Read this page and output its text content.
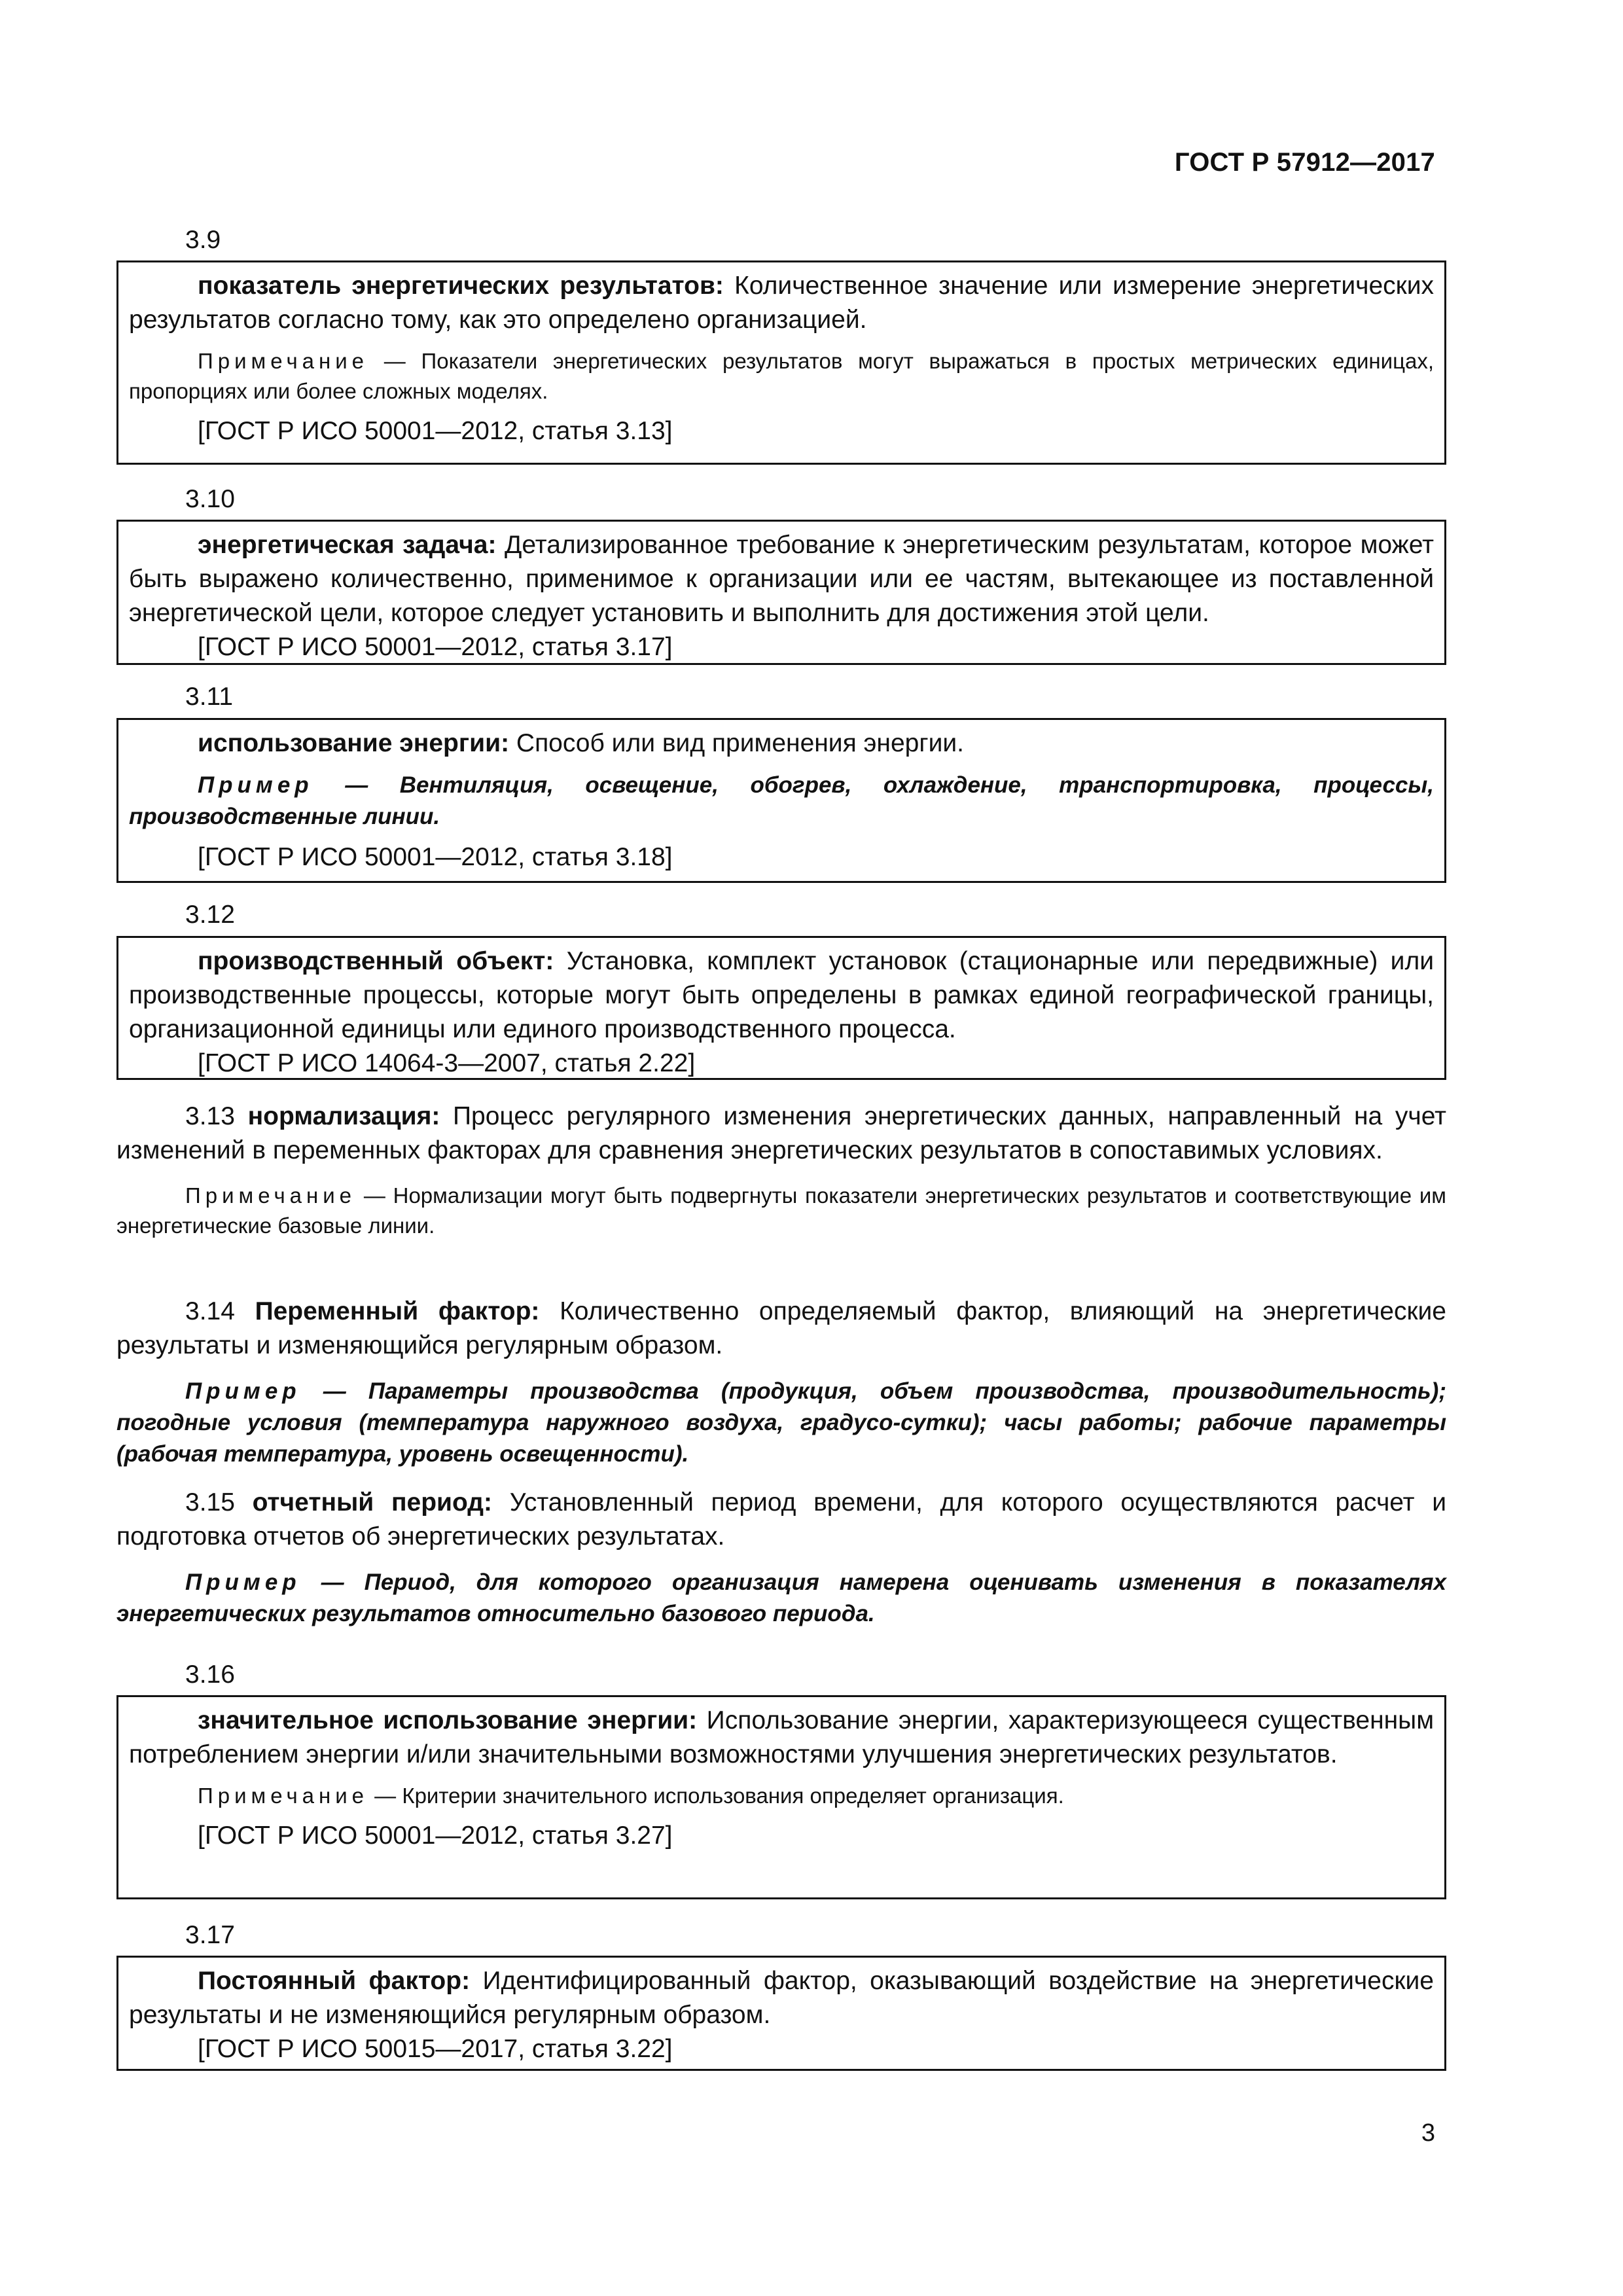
ГОСТ Р 57912—2017
3.9
показатель энергетических результатов: Количественное значение или измерение энергетических результатов согласно тому, как это определено организацией.
Примечание — Показатели энергетических результатов могут выражаться в простых метрических единицах, пропорциях или более сложных моделях.
[ГОСТ Р ИСО 50001—2012, статья 3.13]
3.10
энергетическая задача: Детализированное требование к энергетическим результатам, которое может быть выражено количественно, применимое к организации или ее частям, вытекающее из поставленной энергетической цели, которое следует установить и выполнить для достижения этой цели.
[ГОСТ Р ИСО 50001—2012, статья 3.17]
3.11
использование энергии: Способ или вид применения энергии.
Пример — Вентиляция, освещение, обогрев, охлаждение, транспортировка, процессы, производственные линии.
[ГОСТ Р ИСО 50001—2012, статья 3.18]
3.12
производственный объект: Установка, комплект установок (стационарные или передвижные) или производственные процессы, которые могут быть определены в рамках единой географической границы, организационной единицы или единого производственного процесса.
[ГОСТ Р ИСО 14064-3—2007, статья 2.22]
3.13 нормализация: Процесс регулярного изменения энергетических данных, направленный на учет изменений в переменных факторах для сравнения энергетических результатов в сопоставимых условиях.
Примечание — Нормализации могут быть подвергнуты показатели энергетических результатов и соответствующие им энергетические базовые линии.
3.14 Переменный фактор: Количественно определяемый фактор, влияющий на энергетические результаты и изменяющийся регулярным образом.
Пример — Параметры производства (продукция, объем производства, производительность); погодные условия (температура наружного воздуха, градусо-сутки); часы работы; рабочие параметры (рабочая температура, уровень освещенности).
3.15 отчетный период: Установленный период времени, для которого осуществляются расчет и подготовка отчетов об энергетических результатах.
Пример — Период, для которого организация намерена оценивать изменения в показателях энергетических результатов относительно базового периода.
3.16
значительное использование энергии: Использование энергии, характеризующееся существенным потреблением энергии и/или значительными возможностями улучшения энергетических результатов.
Примечание — Критерии значительного использования определяет организация.
[ГОСТ Р ИСО 50001—2012, статья 3.27]
3.17
Постоянный фактор: Идентифицированный фактор, оказывающий воздействие на энергетические результаты и не изменяющийся регулярным образом.
[ГОСТ Р ИСО 50015—2017, статья 3.22]
3
